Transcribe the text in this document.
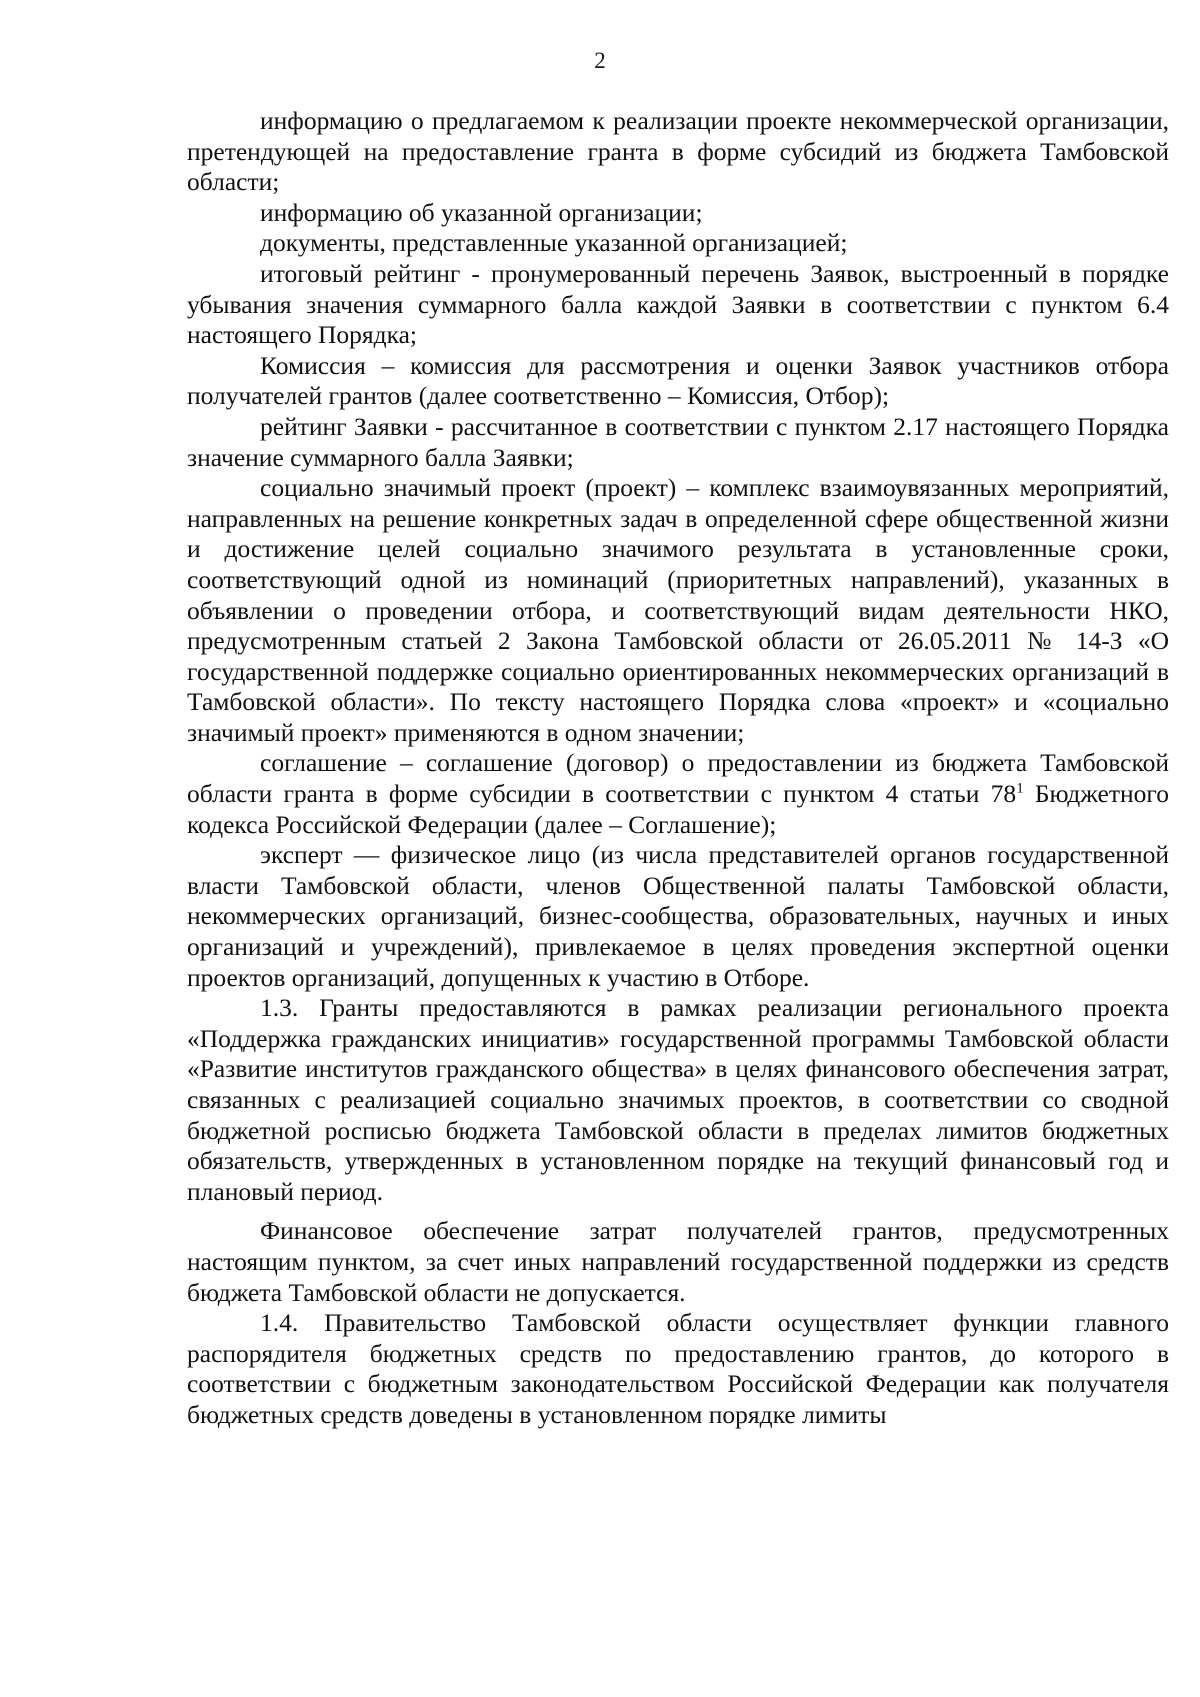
2

информацию о предлагаемом к реализации проекте некоммерческой организации, претендующей на предоставление гранта в форме субсидий из бюджета Тамбовской области;

информацию об указанной организации;

документы, представленные указанной организацией;

итоговый рейтинг - пронумерованный перечень Заявок, выстроенный в порядке убывания значения суммарного балла каждой Заявки в соответствии с пунктом 6.4 настоящего Порядка;

Комиссия – комиссия для рассмотрения и оценки Заявок участников отбора получателей грантов (далее соответственно – Комиссия, Отбор);

рейтинг Заявки - рассчитанное в соответствии с пунктом 2.17 настоящего Порядка значение суммарного балла Заявки;

социально значимый проект (проект) – комплекс взаимоувязанных мероприятий, направленных на решение конкретных задач в определенной сфере общественной жизни и достижение целей социально значимого результата в установленные сроки, соответствующий одной из номинаций (приоритетных направлений), указанных в объявлении о проведении отбора, и соответствующий видам деятельности НКО, предусмотренным статьей 2 Закона Тамбовской области от 26.05.2011 № 14-З «О государственной поддержке социально ориентированных некоммерческих организаций в Тамбовской области». По тексту настоящего Порядка слова «проект» и «социально значимый проект» применяются в одном значении;

соглашение – соглашение (договор) о предоставлении из бюджета Тамбовской области гранта в форме субсидии в соответствии с пунктом 4 статьи $78^1$ Бюджетного кодекса Российской Федерации (далее – Соглашение);

эксперт — физическое лицо (из числа представителей органов государственной власти Тамбовской области, членов Общественной палаты Тамбовской области, некоммерческих организаций, бизнес-сообщества, образовательных, научных и иных организаций и учреждений), привлекаемое в целях проведения экспертной оценки проектов организаций, допущенных к участию в Отборе.

1.3. Гранты предоставляются в рамках реализации регионального проекта «Поддержка гражданских инициатив» государственной программы Тамбовской области «Развитие институтов гражданского общества» в целях финансового обеспечения затрат, связанных с реализацией социально значимых проектов, в соответствии со сводной бюджетной росписью бюджета Тамбовской области в пределах лимитов бюджетных обязательств, утвержденных в установленном порядке на текущий финансовый год и плановый период.

Финансовое обеспечение затрат получателей грантов, предусмотренных настоящим пунктом, за счет иных направлений государственной поддержки из средств бюджета Тамбовской области не допускается.

1.4. Правительство Тамбовской области осуществляет функции главного распорядителя бюджетных средств по предоставлению грантов, до которого в соответствии с бюджетным законодательством Российской Федерации как получателя бюджетных средств доведены в установленном порядке лимиты
